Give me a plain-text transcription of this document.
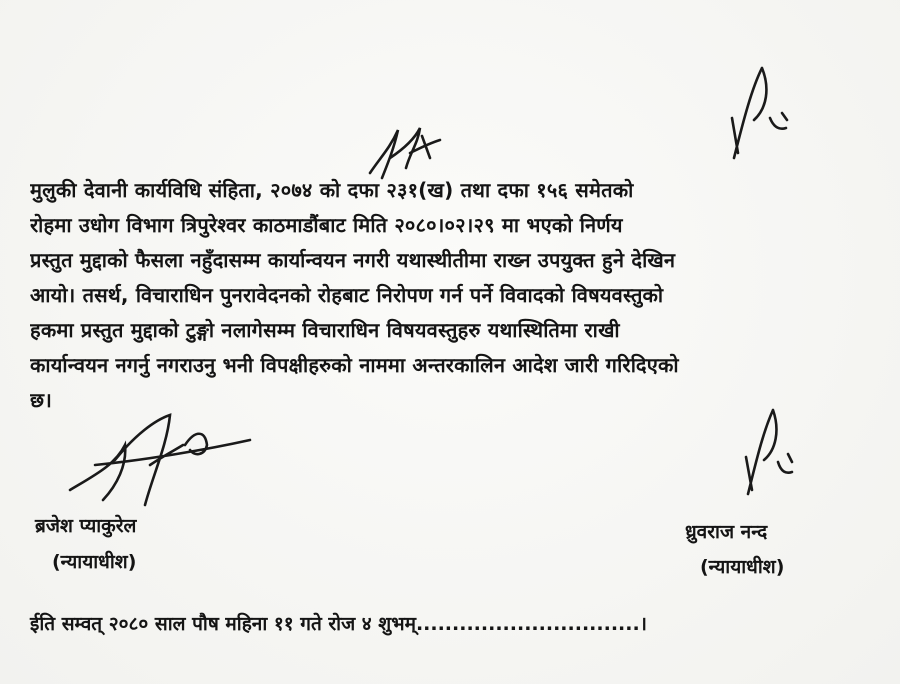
मुलुकी देवानी कार्यविधि संहिता, २०७४ को दफा २३१(ख) तथा दफा १५६ समेतको
रोहमा उधोग विभाग त्रिपुरेश्वर काठमाडौंबाट मिति २०८०।०२।२९ मा भएको निर्णय
प्रस्तुत मुद्दाको फैसला नहुँदासम्म कार्यान्वयन नगरी यथास्थीतीमा राख्न उपयुक्त हुने देखिन
आयो। तसर्थ, विचाराधिन पुनरावेदनको रोहबाट निरोपण गर्न पर्ने विवादको विषयवस्तुको
हकमा प्रस्तुत मुद्दाको टुङ्गो नलागेसम्म विचाराधिन विषयवस्तुहरु यथास्थितिमा राखी
कार्यान्वयन नगर्नु नगराउनु भनी विपक्षीहरुको नाममा अन्तरकालिन आदेश जारी गरिदिएको
छ।
ब्रजेश प्याकुरेल
(न्यायाधीश)
ध्रुवराज नन्द
(न्यायाधीश)
ईति सम्वत् २०८० साल पौष महिना ११ गते रोज ४ शुभम्...............................।
